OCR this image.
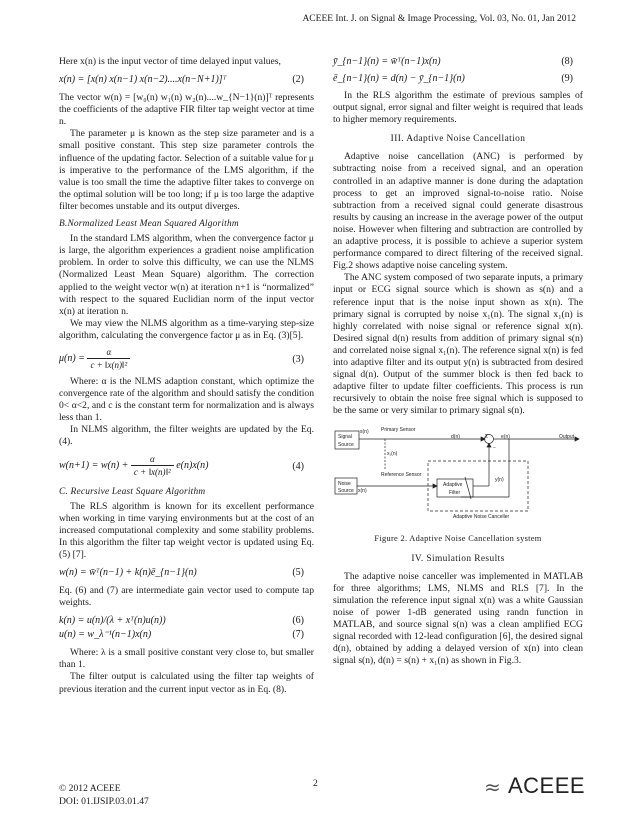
ACEEE Int. J. on Signal & Image Processing, Vol. 03, No. 01, Jan 2012

Here x(n) is the input vector of time delayed input values,

x(n) = [x(n) x(n−1) x(n−2)....x(n−N+1)]ᵀ	(2)

The vector w(n) = [w₀(n) w₁(n) w₂(n)....w_{N−1}(n)]ᵀ represents the coefficients of the adaptive FIR filter tap weight vector at time n.

The parameter μ is known as the step size parameter and is a small positive constant. This step size parameter controls the influence of the updating factor. Selection of a suitable value for μ is imperative to the performance of the LMS algorithm, if the value is too small the time the adaptive filter takes to converge on the optimal solution will be too long; if μ is too large the adaptive filter becomes unstable and its output diverges.

B.Normalized Least Mean Squared Algorithm

In the standard LMS algorithm, when the convergence factor μ is large, the algorithm experiences a gradient noise amplification problem. In order to solve this difficulty, we can use the NLMS (Normalized Least Mean Square) algorithm. The correction applied to the weight vector w(n) at iteration n+1 is “normalized” with respect to the squared Euclidian norm of the input vector x(n) at iteration n.

We may view the NLMS algorithm as a time-varying step-size algorithm, calculating the convergence factor μ as in Eq. (3)[5].

$\mu(n) = \frac{\alpha}{\text{c + ‖x(n)‖²}}$	(3)

Where: α is the NLMS adaption constant, which optimize the convergence rate of the algorithm and should satisfy the condition 0< α<2, and c is the constant term for normalization and is always less than 1.

In NLMS algorithm, the filter weights are updated by the Eq. (4).

$w(n+1) = w(n) + \frac{\alpha}{\text{c + ‖x(n)‖²}} e(n)x(n)$	(4)
C. Recursive Least Square Algorithm

The RLS algorithm is known for its excellent performance when working in time varying environments but at the cost of an increased computational complexity and some stability problems. In this algorithm the filter tap weight vector is updated using Eq. (5) [7].

w(n) = w̄ᵀ(n−1) + k(n)ē_{n−1}(n)	(5)

Eq. (6) and (7) are intermediate gain vector used to compute tap weights.

k(n) = u(n)/(λ + xᵀ(n)u(n))	(6)
u(n) = w_λ⁻¹(n−1)x(n)	(7)

Where: λ is a small positive constant very close to, but smaller than 1.

The filter output is calculated using the filter tap weights of previous iteration and the current input vector as in Eq. (8).

ȳ_{n−1}(n) = w̄ᵀ(n−1)x(n)	(8)
ē_{n−1}(n) = d(n) − ȳ_{n−1}(n)	(9)

In the RLS algorithm the estimate of previous samples of output signal, error signal and filter weight is required that leads to higher memory requirements.

III. Adaptive Noise Cancellation

Adaptive noise cancellation (ANC) is performed by subtracting noise from a received signal, and an operation controlled in an adaptive manner is done during the adaptation process to get an improved signal-to-noise ratio. Noise subtraction from a received signal could generate disastrous results by causing an increase in the average power of the output noise. However when filtering and subtraction are controlled by an adaptive process, it is possible to achieve a superior system performance compared to direct filtering of the received signal. Fig.2 shows adaptive noise canceling system.

The ANC system composed of two separate inputs, a primary input or ECG signal source which is shown as s(n) and a reference input that is the noise input shown as x(n). The primary signal is corrupted by noise x₁(n). The signal x₁(n) is highly correlated with noise signal or reference signal x(n). Desired signal d(n) results from addition of primary signal s(n) and correlated noise signal x₁(n). The reference signal x(n) is fed into adaptive filter and its output y(n) is subtracted from desired signal d(n). Output of the summer block is then fed back to adaptive filter to update filter coefficients. This process is run recursively to obtain the noise free signal which is supposed to be the same or very similar to primary signal s(n).

Signal
Source
s(n) Primary Sensor
d(n)	Σ	e(n)	Output
x₁(n)
Reference Sensor
Noise
Source x(n)
Adaptive
Filter
y(n)
−
Adaptive Noise Canceller
Figure 2. Adaptive Noise Cancellation system
IV. Simulation Results

The adaptive noise canceller was implemented in MATLAB for three algorithms; LMS, NLMS and RLS [7]. In the simulation the reference input signal x(n) was a white Gaussian noise of power 1-dB generated using randn function in MATLAB, and source signal s(n) was a clean amplified ECG signal recorded with 12-lead configuration [6], the desired signal d(n), obtained by adding a delayed version of x(n) into clean signal s(n), d(n) = s(n) + x₁(n) as shown in Fig.3.

© 2012 ACEEE
DOI: 01.IJSIP.03.01.47
2	≈ ACEEE
